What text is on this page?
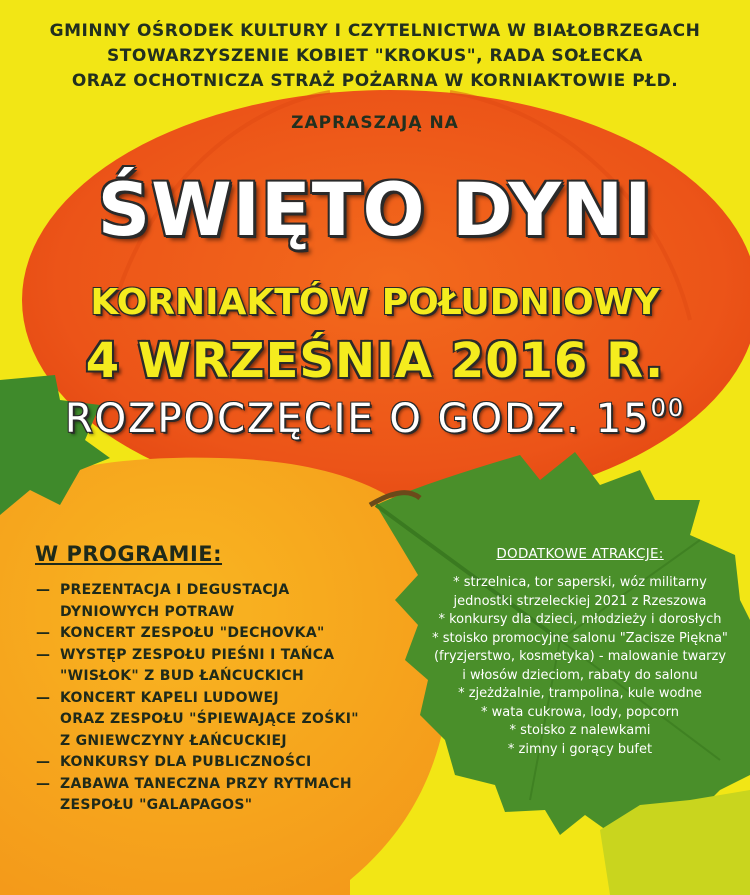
GMINNY OŚRODEK KULTURY I CZYTELNICTWA W BIAŁOBRZEGACH
STOWARZYSZENIE KOBIET "KROKUS", RADA SOŁECKA
ORAZ OCHOTNICZA STRAŻ POŻARNA W KORNIAKTOWIE PŁD.
ZAPRASZAJĄ NA
ŚWIĘTO DYNI
KORNIAKTÓW POŁUDNIOWY
4 WRZEŚNIA 2016 R.
ROZPOCZĘCIE O GODZ. $15^{00}$
W PROGRAMIE:
— PREZENTACJA I DEGUSTACJA
DYNIOWYCH POTRAW
— KONCERT ZESPOŁU "DECHOVKA"
— WYSTĘP ZESPOŁU PIEŚNI I TAŃCA
"WISŁOK" Z BUD ŁAŃCUCKICH
— KONCERT KAPELI LUDOWEJ
ORAZ ZESPOŁU "ŚPIEWAJĄCE ZOŚKI"
Z GNIEWCZYNY ŁAŃCUCKIEJ
— KONKURSY DLA PUBLICZNOŚCI
— ZABAWA TANECZNA PRZY RYTMACH
ZESPOŁU "GALAPAGOS"
DODATKOWE ATRAKCJE:
* strzelnica, tor saperski, wóz militarny
jednostki strzeleckiej 2021 z Rzeszowa
* konkursy dla dzieci, młodzieży i dorosłych
* stoisko promocyjne salonu "Zacisze Piękna"
(fryzjerstwo, kosmetyka) - malowanie twarzy
i włosów dzieciom, rabaty do salonu
* zjeżdżalnie, trampolina, kule wodne
* wata cukrowa, lody, popcorn
* stoisko z nalewkami
* zimny i gorący bufet
